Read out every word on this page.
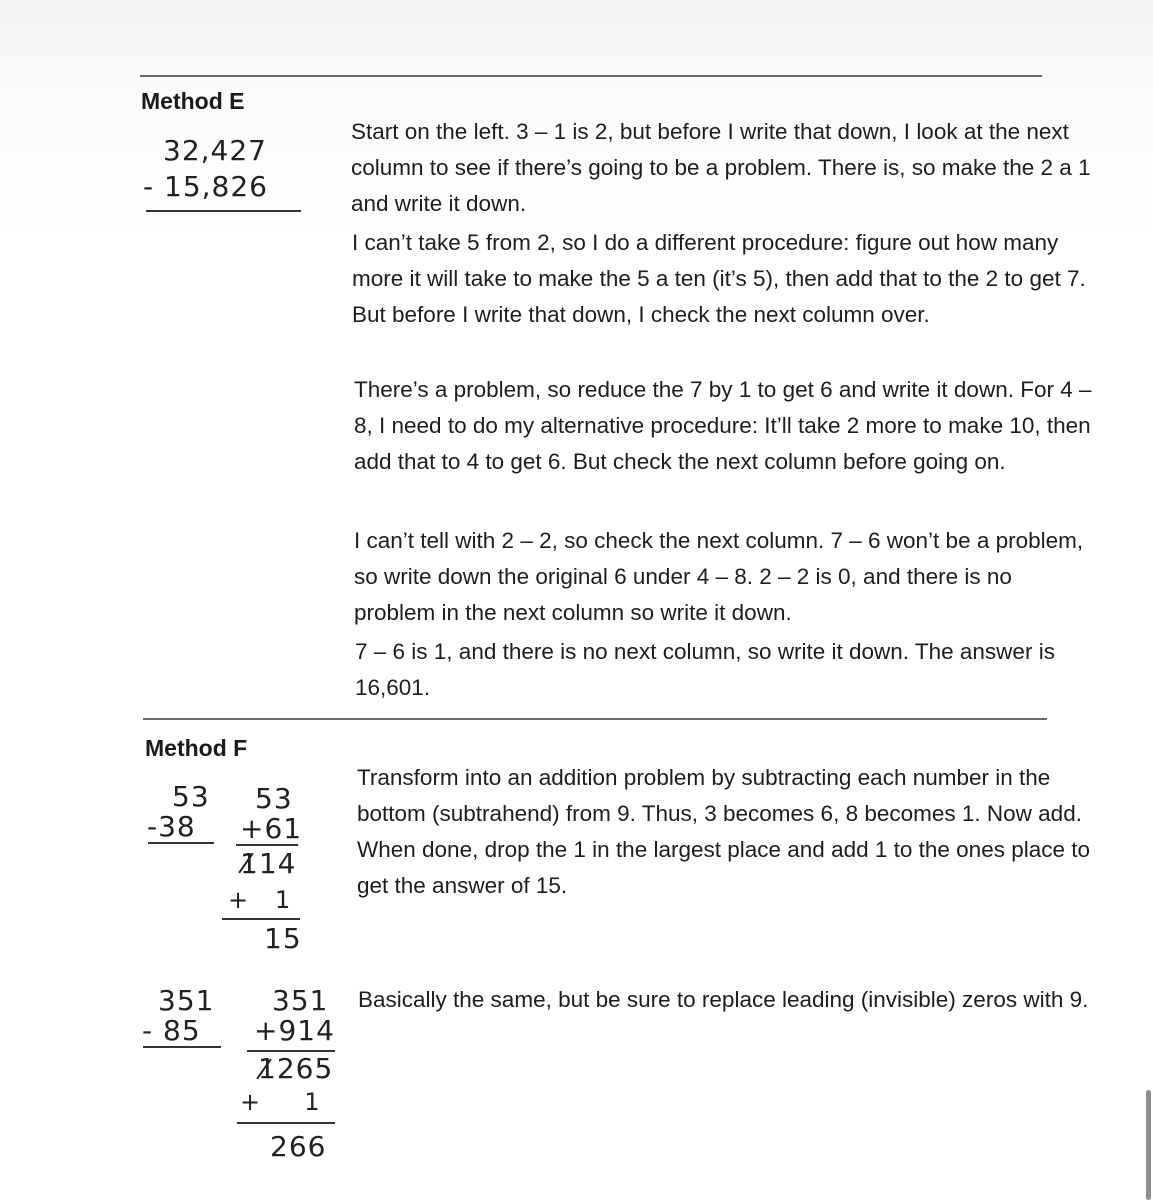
Method E
32,427
- 15,826

Start on the left. 3 – 1 is 2, but before I write that down, I look at the next column to see if there’s going to be a problem. There is, so make the 2 a 1 and write it down.

I can’t take 5 from 2, so I do a different procedure: figure out how many more it will take to make the 5 a ten (it’s 5), then add that to the 2 to get 7. But before I write that down, I check the next column over.

There’s a problem, so reduce the 7 by 1 to get 6 and write it down. For 4 – 8, I need to do my alternative procedure: It’ll take 2 more to make 10, then add that to 4 to get 6. But check the next column before going on.

I can’t tell with 2 – 2, so check the next column. 7 – 6 won’t be a problem, so write down the original 6 under 4 – 8. 2 – 2 is 0, and there is no problem in the next column so write it down.

7 – 6 is 1, and there is no next column, so write it down. The answer is 16,601.

Method F
53
-38
53
+61
114
+   1
15

Transform into an addition problem by subtracting each number in the bottom (subtrahend) from 9. Thus, 3 becomes 6, 8 becomes 1. Now add. When done, drop the 1 in the largest place and add 1 to the ones place to get the answer of 15.

351
- 85
351
+914
1265
+     1
266

Basically the same, but be sure to replace leading (invisible) zeros with 9.
